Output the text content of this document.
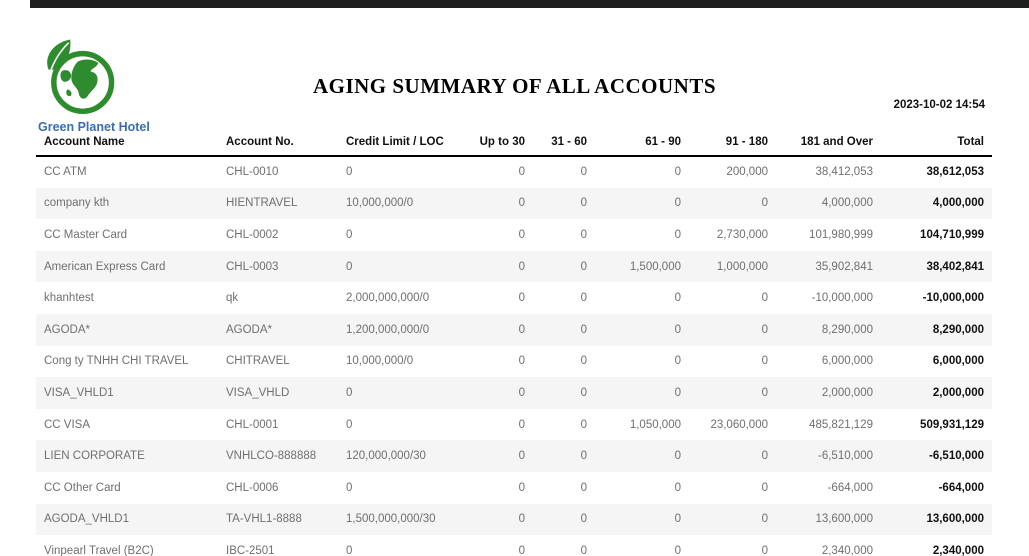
Green Planet Hotel
AGING SUMMARY OF ALL ACCOUNTS
2023-10-02 14:54
Account Name	Account No.	Credit Limit / LOC	Up to 30	31 - 60	61 - 90	91 - 180	181 and Over	Total
CC ATM	CHL-0010	0	0	0	0	200,000	38,412,053	38,612,053
company kth	HIENTRAVEL	10,000,000/0	0	0	0	0	4,000,000	4,000,000
CC Master Card	CHL-0002	0	0	0	0	2,730,000	101,980,999	104,710,999
American Express Card	CHL-0003	0	0	0	1,500,000	1,000,000	35,902,841	38,402,841
khanhtest	qk	2,000,000,000/0	0	0	0	0	-10,000,000	-10,000,000
AGODA*	AGODA*	1,200,000,000/0	0	0	0	0	8,290,000	8,290,000
Cong ty TNHH CHI TRAVEL	CHITRAVEL	10,000,000/0	0	0	0	0	6,000,000	6,000,000
VISA_VHLD1	VISA_VHLD	0	0	0	0	0	2,000,000	2,000,000
CC VISA	CHL-0001	0	0	0	1,050,000	23,060,000	485,821,129	509,931,129
LIEN CORPORATE	VNHLCO-888888	120,000,000/30	0	0	0	0	-6,510,000	-6,510,000
CC Other Card	CHL-0006	0	0	0	0	0	-664,000	-664,000
AGODA_VHLD1	TA-VHL1-8888	1,500,000,000/30	0	0	0	0	13,600,000	13,600,000
Vinpearl Travel (B2C)	IBC-2501	0	0	0	0	0	2,340,000	2,340,000
